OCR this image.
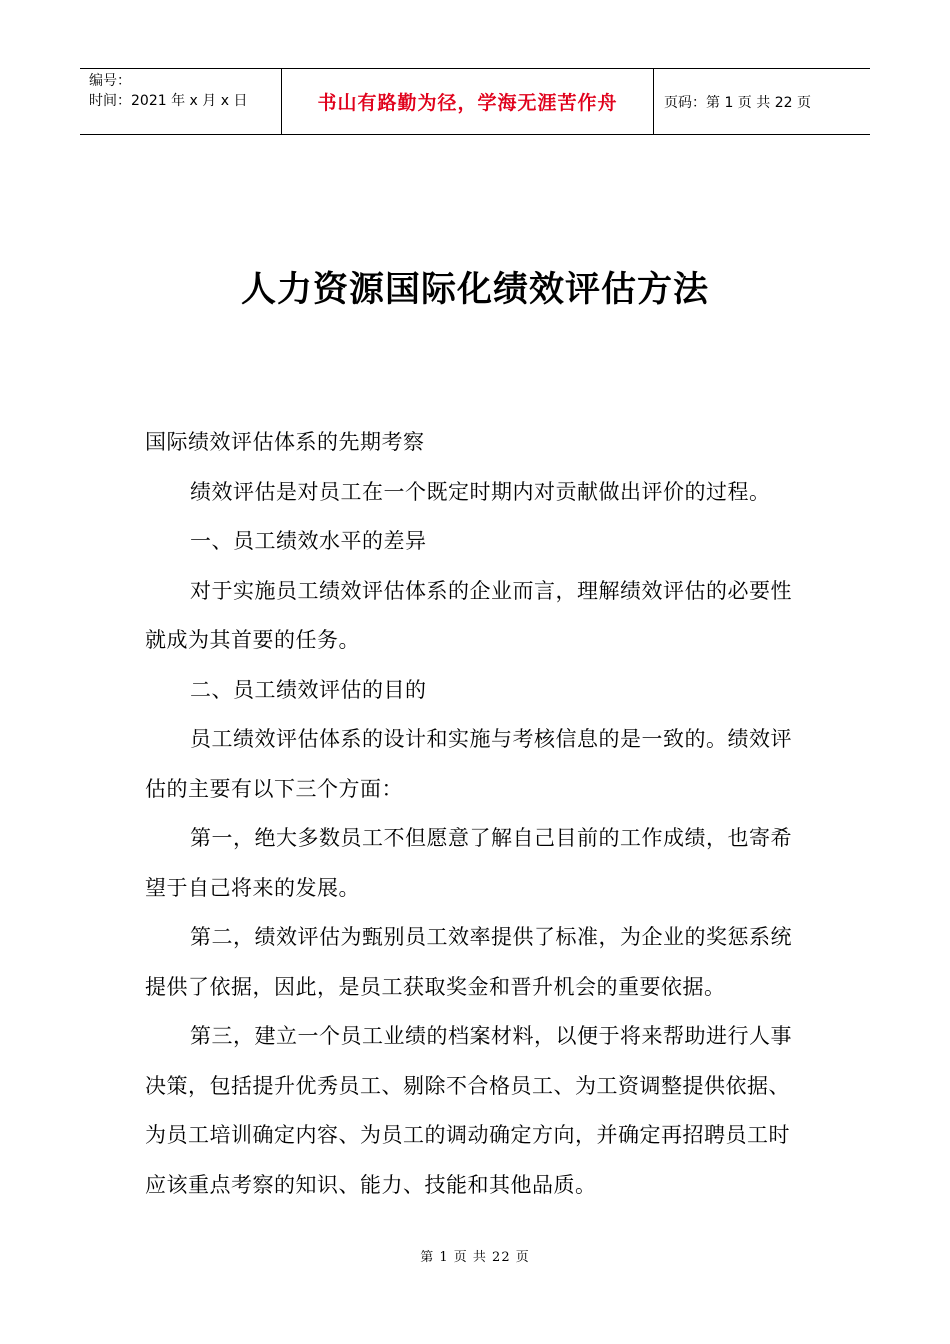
编号：
时间：2021 年 x 月 x 日	书山有路勤为径，学海无涯苦作舟	页码：第 1 页 共 22 页
人力资源国际化绩效评估方法

国际绩效评估体系的先期考察

绩效评估是对员工在一个既定时期内对贡献做出评价的过程。

一、员工绩效水平的差异

对于实施员工绩效评估体系的企业而言，理解绩效评估的必要性就成为其首要的任务。

二、员工绩效评估的目的

员工绩效评估体系的设计和实施与考核信息的是一致的。绩效评估的主要有以下三个方面：

第一，绝大多数员工不但愿意了解自己目前的工作成绩，也寄希望于自己将来的发展。

第二，绩效评估为甄别员工效率提供了标准，为企业的奖惩系统提供了依据，因此，是员工获取奖金和晋升机会的重要依据。

第三，建立一个员工业绩的档案材料，以便于将来帮助进行人事决策，包括提升优秀员工、剔除不合格员工、为工资调整提供依据、为员工培训确定内容、为员工的调动确定方向，并确定再招聘员工时应该重点考察的知识、能力、技能和其他品质。

第 1 页 共 22 页
